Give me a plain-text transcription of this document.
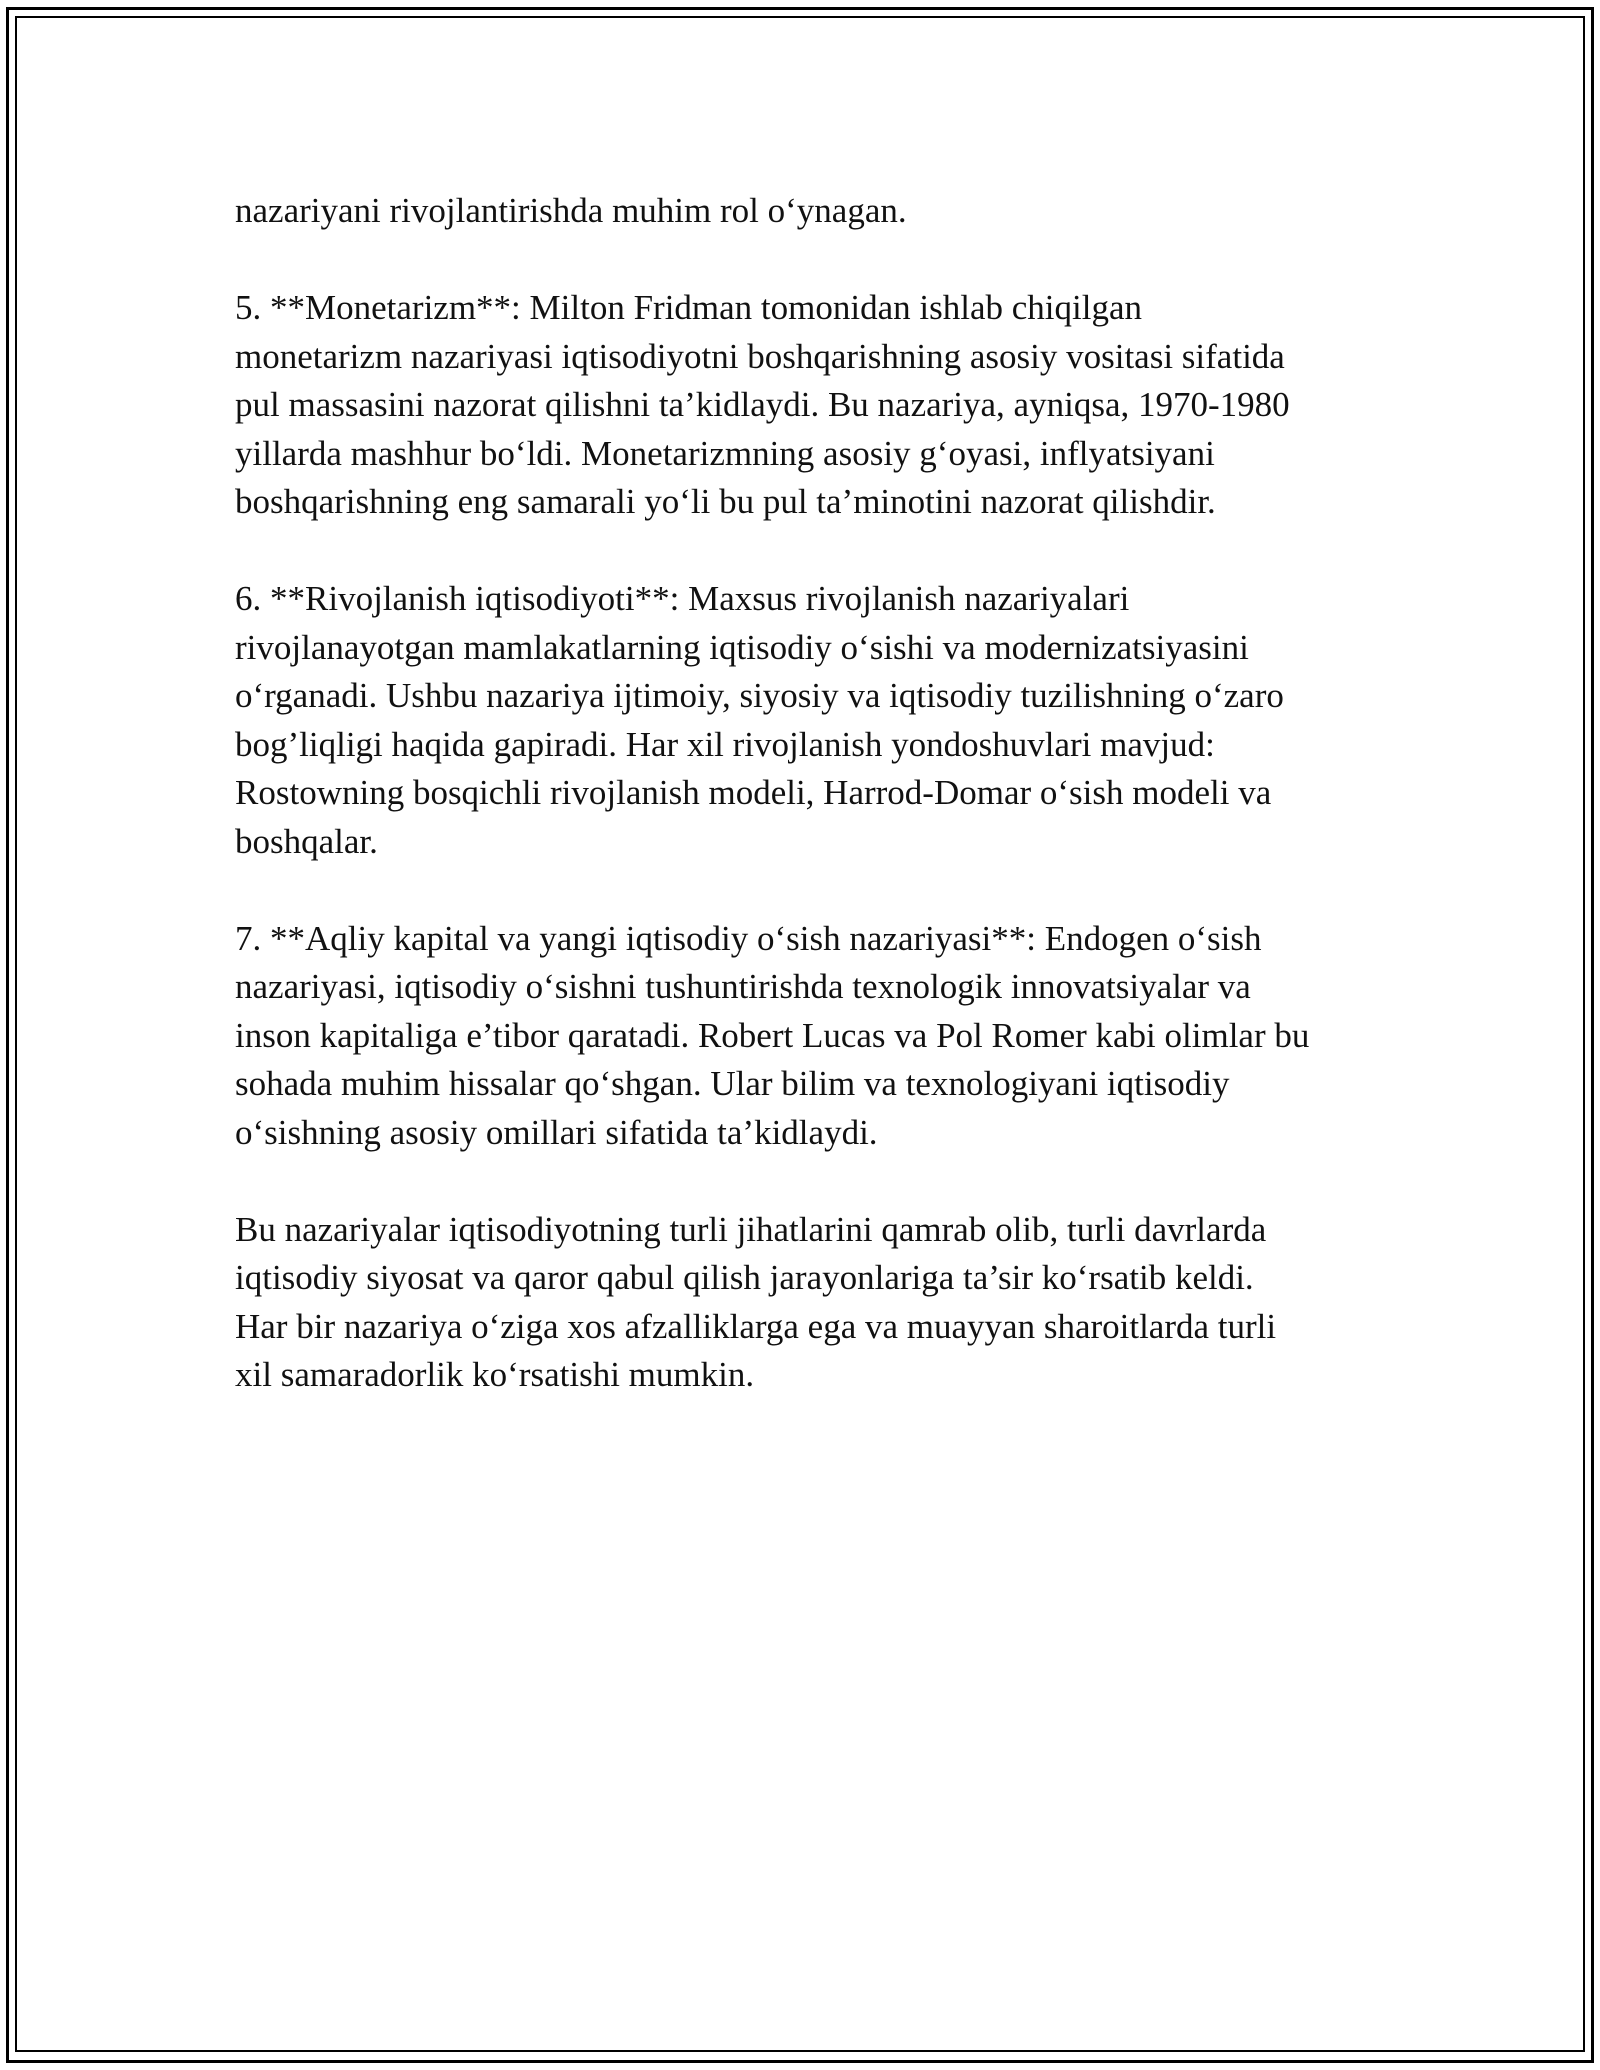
nazariyani rivojlantirishda muhim rol o‘ynagan.

5. **Monetarizm**: Milton Fridman tomonidan ishlab chiqilgan
monetarizm nazariyasi iqtisodiyotni boshqarishning asosiy vositasi sifatida
pul massasini nazorat qilishni ta’kidlaydi. Bu nazariya, ayniqsa, 1970-1980
yillarda mashhur bo‘ldi. Monetarizmning asosiy g‘oyasi, inflyatsiyani
boshqarishning eng samarali yo‘li bu pul ta’minotini nazorat qilishdir.

6. **Rivojlanish iqtisodiyoti**: Maxsus rivojlanish nazariyalari
rivojlanayotgan mamlakatlarning iqtisodiy o‘sishi va modernizatsiyasini
o‘rganadi. Ushbu nazariya ijtimoiy, siyosiy va iqtisodiy tuzilishning o‘zaro
bog’liqligi haqida gapiradi. Har xil rivojlanish yondoshuvlari mavjud:
Rostowning bosqichli rivojlanish modeli, Harrod-Domar o‘sish modeli va
boshqalar.

7. **Aqliy kapital va yangi iqtisodiy o‘sish nazariyasi**: Endogen o‘sish
nazariyasi, iqtisodiy o‘sishni tushuntirishda texnologik innovatsiyalar va
inson kapitaliga e’tibor qaratadi. Robert Lucas va Pol Romer kabi olimlar bu
sohada muhim hissalar qo‘shgan. Ular bilim va texnologiyani iqtisodiy
o‘sishning asosiy omillari sifatida ta’kidlaydi.

Bu nazariyalar iqtisodiyotning turli jihatlarini qamrab olib, turli davrlarda
iqtisodiy siyosat va qaror qabul qilish jarayonlariga ta’sir ko‘rsatib keldi.
Har bir nazariya o‘ziga xos afzalliklarga ega va muayyan sharoitlarda turli
xil samaradorlik ko‘rsatishi mumkin.
